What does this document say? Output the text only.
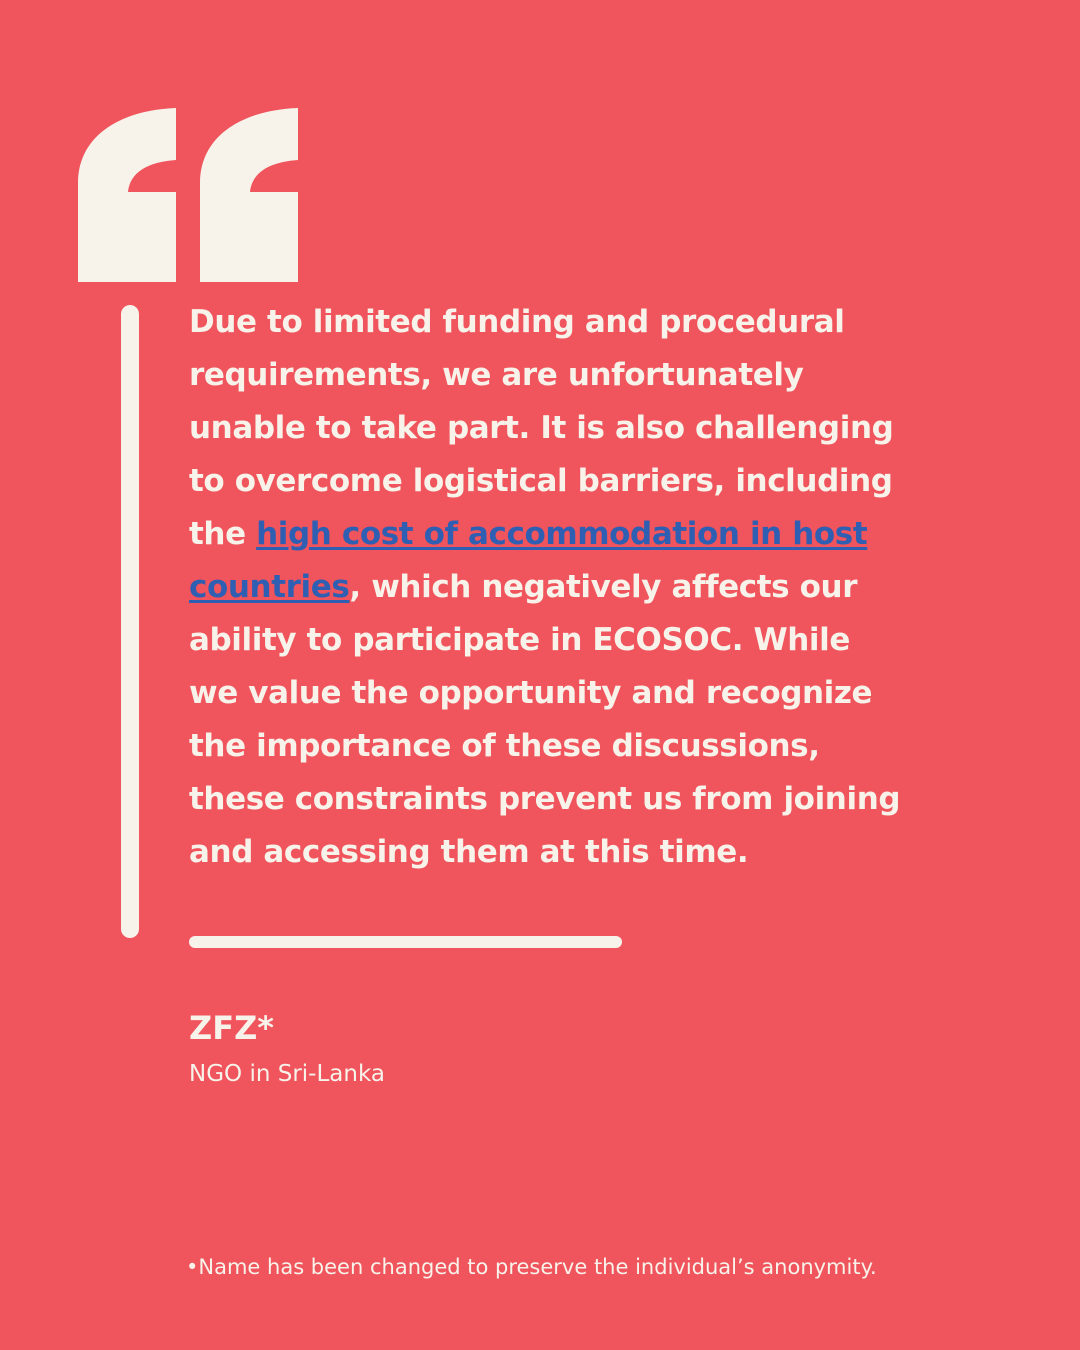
Due to limited funding and procedural requirements, we are unfortunately unable to take part. It is also challenging to overcome logistical barriers, including the high cost of accommodation in host countries, which negatively affects our ability to participate in ECOSOC. While we value the opportunity and recognize the importance of these discussions, these constraints prevent us from joining and accessing them at this time.

ZFZ*
NGO in Sri-Lanka
•Name has been changed to preserve the individual’s anonymity.
